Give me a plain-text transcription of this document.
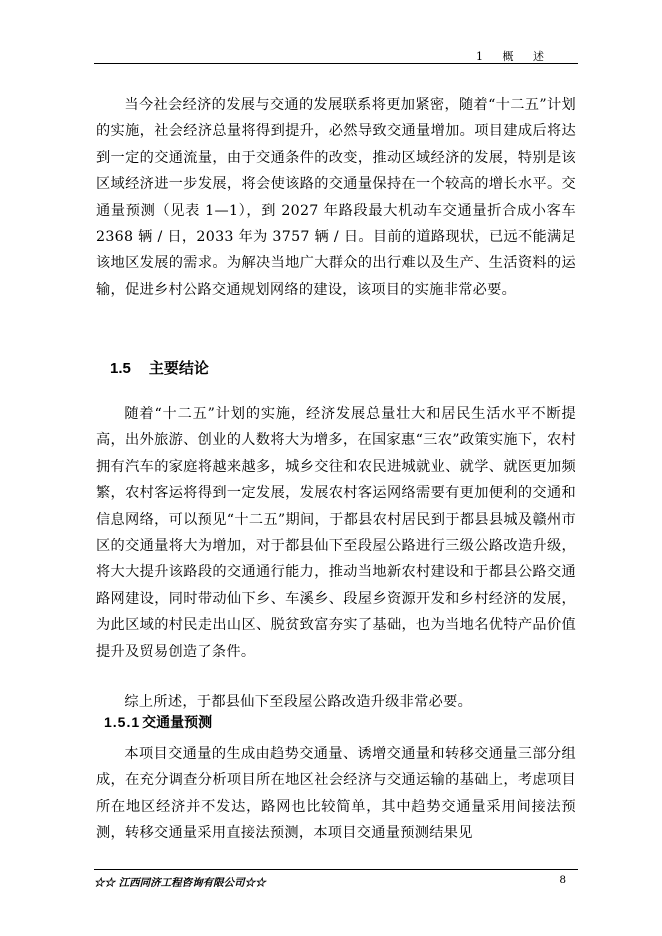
1 概 述

当今社会经济的发展与交通的发展联系将更加紧密，随着“十二五”计划的实施，社会经济总量将得到提升，必然导致交通量增加。项目建成后将达到一定的交通流量，由于交通条件的改变，推动区域经济的发展，特别是该区域经济进一步发展，将会使该路的交通量保持在一个较高的增长水平。交通量预测（见表 1—1），到 2027 年路段最大机动车交通量折合成小客车 2368 辆 / 日，2033 年为 3757 辆 / 日。目前的道路现状，已远不能满足该地区发展的需求。为解决当地广大群众的出行难以及生产、生活资料的运输，促进乡村公路交通规划网络的建设，该项目的实施非常必要。

1.5 主要结论

随着“十二五”计划的实施，经济发展总量壮大和居民生活水平不断提高，出外旅游、创业的人数将大为增多，在国家惠“三农”政策实施下，农村拥有汽车的家庭将越来越多，城乡交往和农民进城就业、就学、就医更加频繁，农村客运将得到一定发展，发展农村客运网络需要有更加便利的交通和信息网络，可以预见“十二五”期间，于都县农村居民到于都县县城及赣州市区的交通量将大为增加，对于都县仙下至段屋公路进行三级公路改造升级，将大大提升该路段的交通通行能力，推动当地新农村建设和于都县公路交通路网建设，同时带动仙下乡、车溪乡、段屋乡资源开发和乡村经济的发展，为此区域的村民走出山区、脱贫致富夯实了基础，也为当地名优特产品价值提升及贸易创造了条件。

综上所述，于都县仙下至段屋公路改造升级非常必要。

1.5.1 交通量预测

本项目交通量的生成由趋势交通量、诱增交通量和转移交通量三部分组成，在充分调查分析项目所在地区社会经济与交通运输的基础上，考虑项目所在地区经济并不发达，路网也比较简单，其中趋势交通量采用间接法预测，转移交通量采用直接法预测，本项目交通量预测结果见

☆☆ 江西同济工程咨询有限公司☆☆	8
